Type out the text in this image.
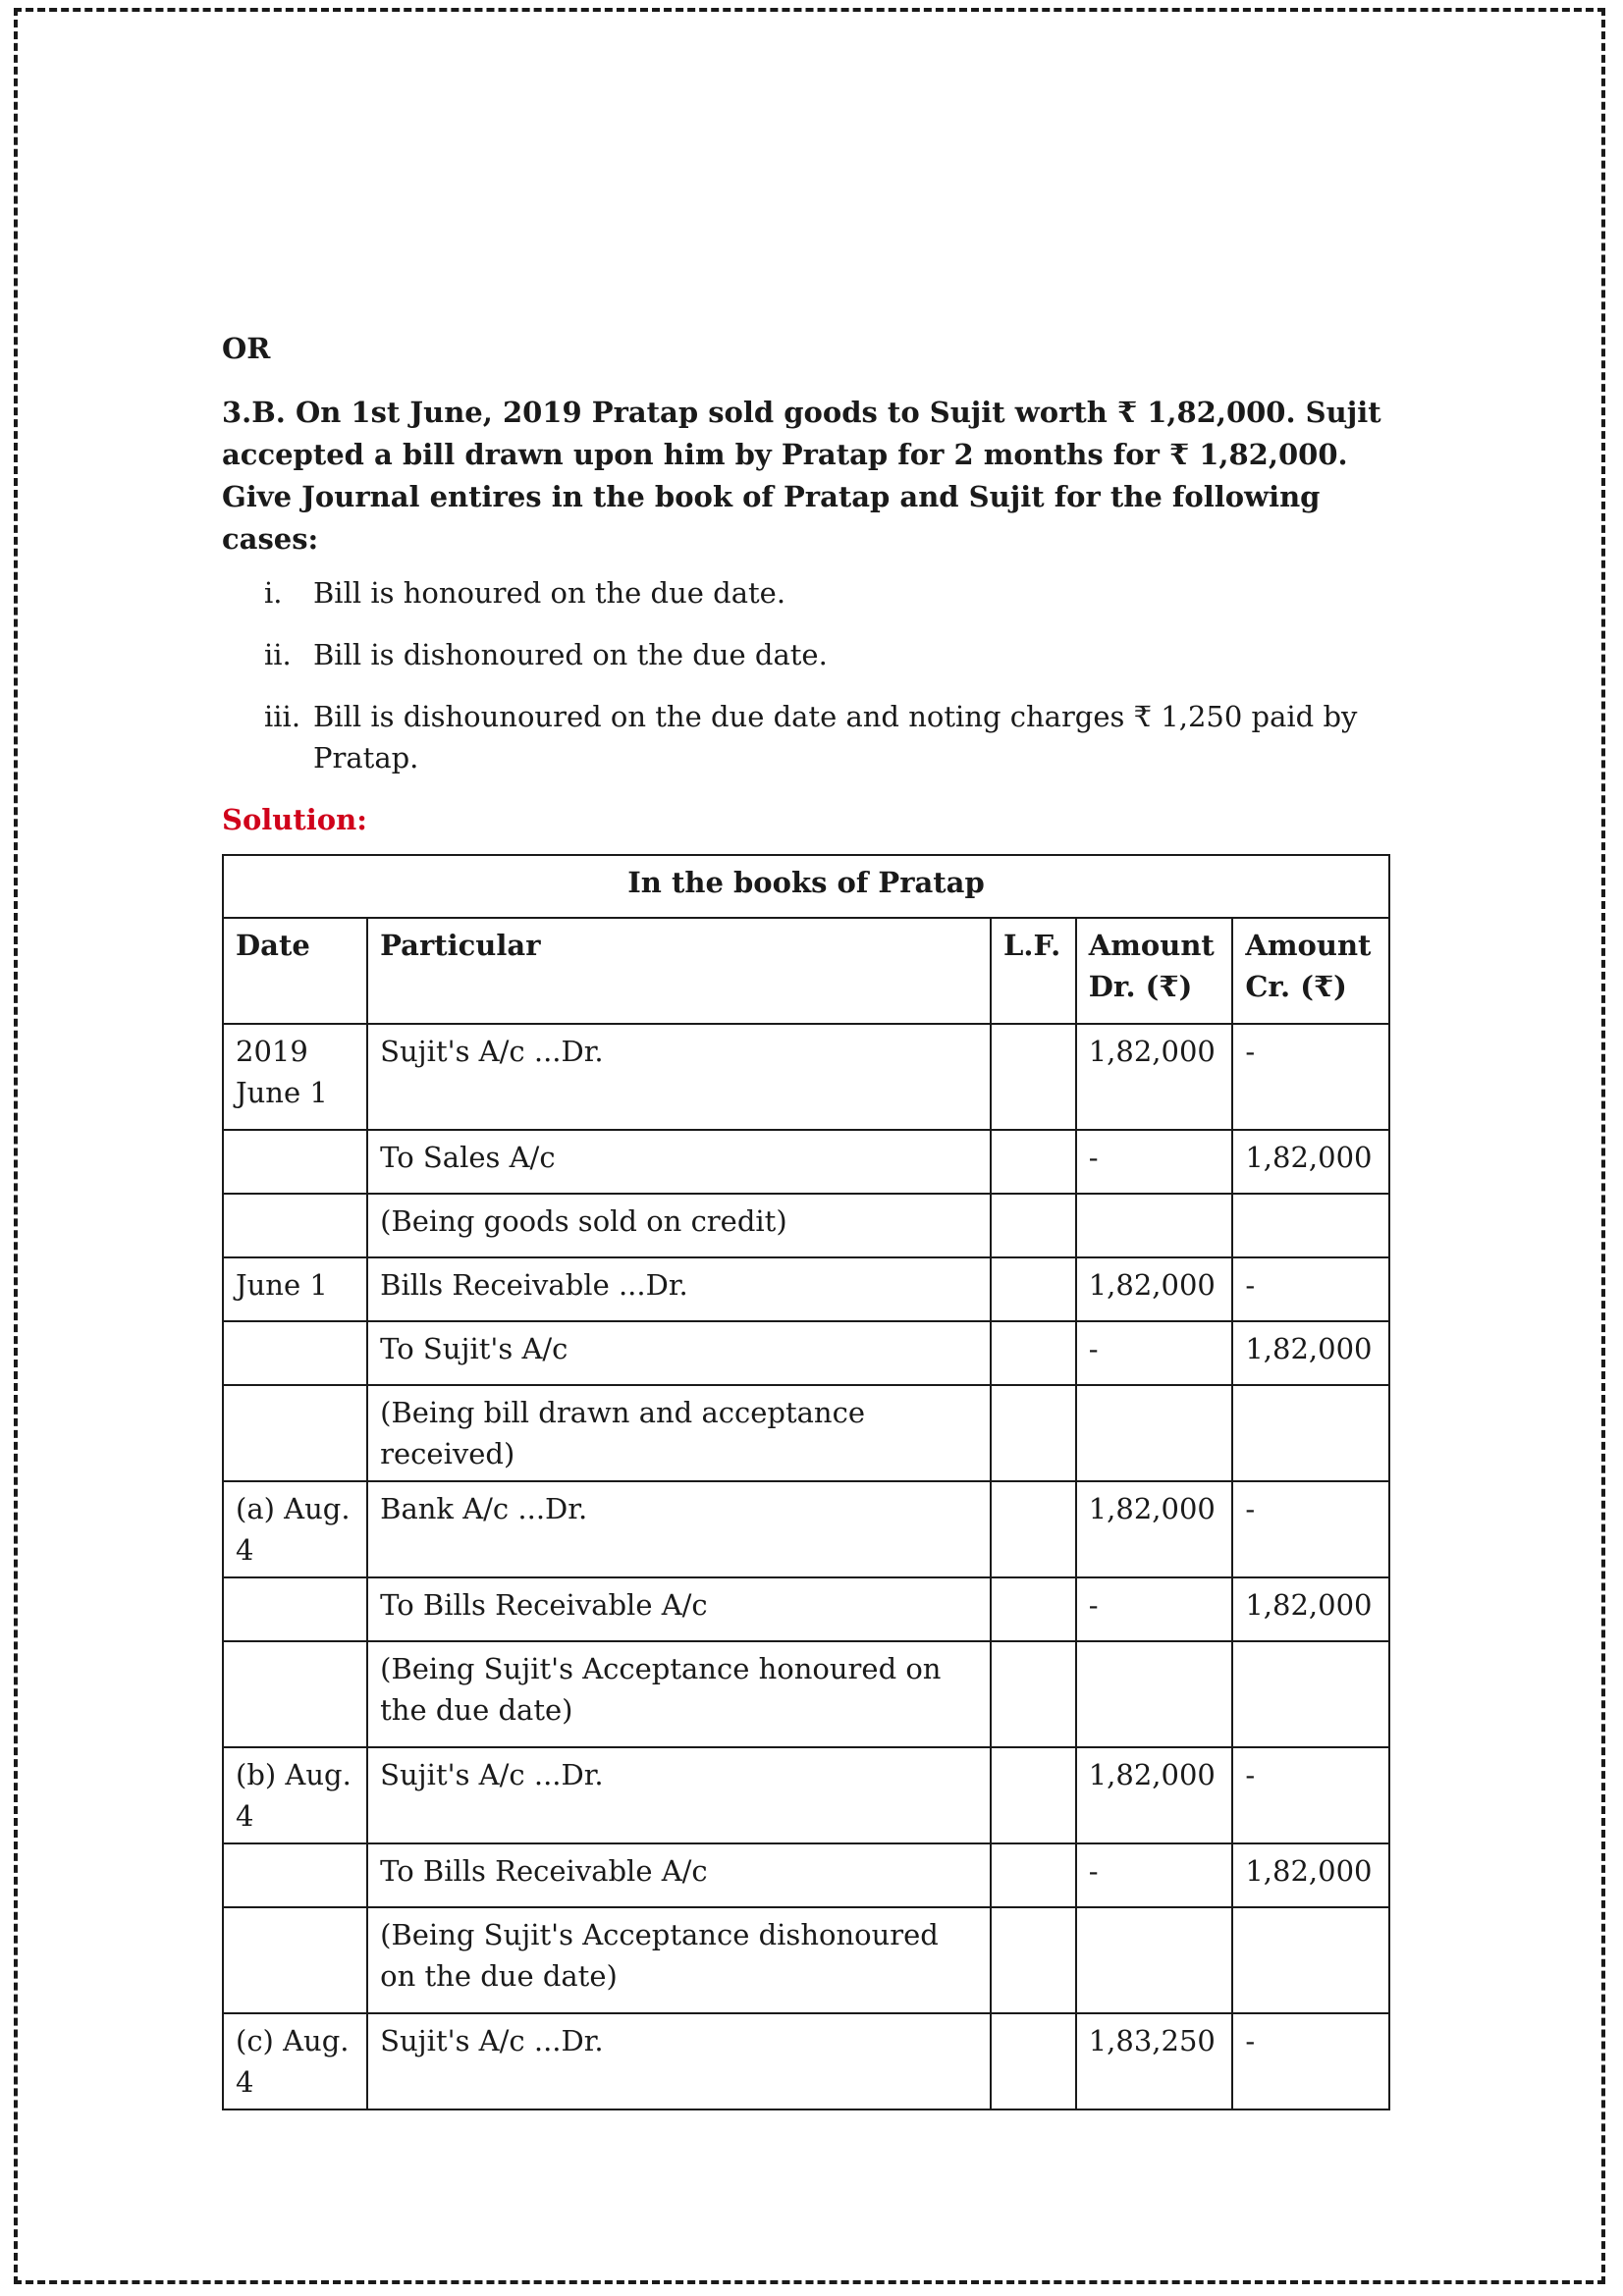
OR
3.B. On 1st June, 2019 Pratap sold goods to Sujit worth ₹ 1,82,000. Sujit accepted a bill drawn upon him by Pratap for 2 months for ₹ 1,82,000. Give Journal entires in the book of Pratap and Sujit for the following cases:
i.	Bill is honoured on the due date.
ii. Bill is dishonoured on the due date.
iii. Bill is dishounoured on the due date and noting charges ₹ 1,250 paid by Pratap.
Solution:
In the books of Pratap				
Date	Particular	L.F.	Amount Dr. (₹)	Amount Cr. (₹)
2019 June 1	Sujit's A/c ...Dr.		1,82,000	-
	To Sales A/c		-	1,82,000
	(Being goods sold on credit)			
June 1	Bills Receivable ...Dr.		1,82,000	-
	To Sujit's A/c		-	1,82,000
	(Being bill drawn and acceptance received)			
(a) Aug. 4	Bank A/c ...Dr.		1,82,000	-
	To Bills Receivable A/c		-	1,82,000
	(Being Sujit's Acceptance honoured on the due date)			
(b) Aug. 4	Sujit's A/c ...Dr.		1,82,000	-
	To Bills Receivable A/c		-	1,82,000
	(Being Sujit's Acceptance dishonoured on the due date)			
(c) Aug. 4	Sujit's A/c ...Dr.		1,83,250	-
